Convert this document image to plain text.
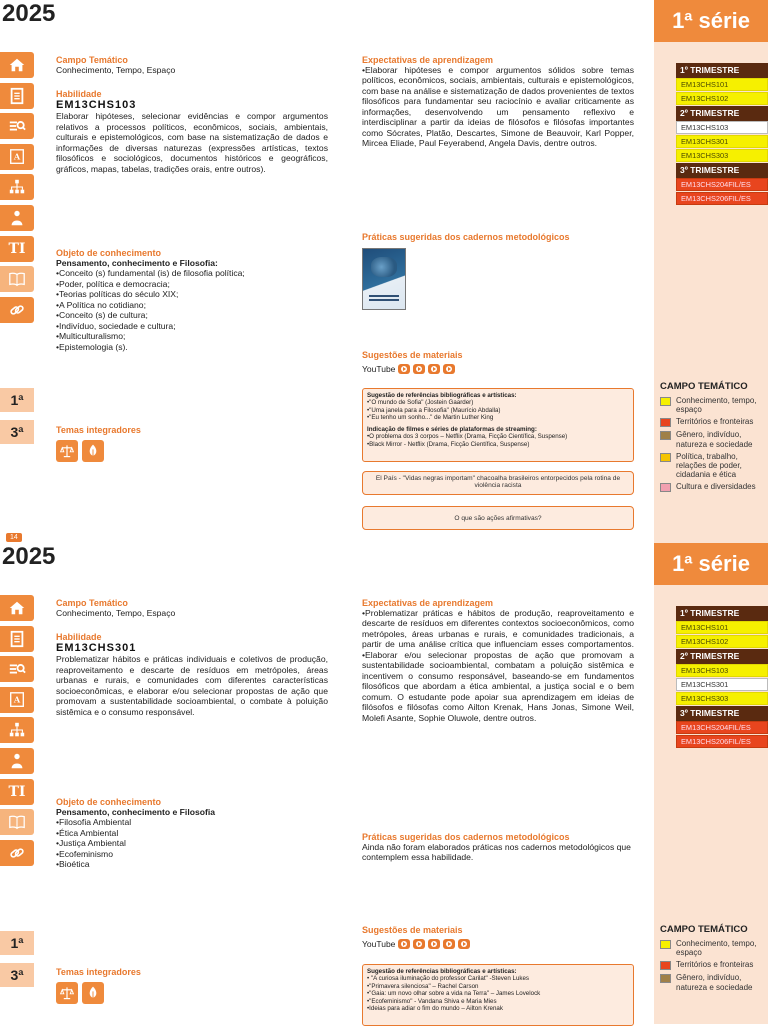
2025	1ª série
A
TI
1ª
3ª
Campo Temático
Conhecimento, Tempo, Espaço
Habilidade
EM13CHS103
Elaborar hipóteses, selecionar evidências e compor argumentos relativos a processos políticos, econômicos, sociais, ambientais, culturais e epistemológicos, com base na sistematização de dados e informações de diversas naturezas (expressões artísticas, textos filosóficos e sociológicos, documentos históricos e geográficos, gráficos, mapas, tabelas, tradições orais, entre outros).
Objeto de conhecimento
Pensamento, conhecimento e Filosofia:
•Conceito (s) fundamental (is) de filosofia política;
•Poder, política e democracia;
•Teorias políticas do século XIX;
•A Política no cotidiano;
•Conceito (s) de cultura;
•Indivíduo, sociedade e cultura;
•Multiculturalismo;
•Epistemologia (s).
Temas integradores
Expectativas de aprendizagem
•Elaborar hipóteses e compor argumentos sólidos sobre temas políticos, econômicos, sociais, ambientais, culturais e epistemológicos, com base na análise e sistematização de dados provenientes de textos filosóficos para fundamentar seu raciocínio e avaliar criticamente as informações, desenvolvendo um pensamento reflexivo e interdisciplinar a partir da ideias de filósofos e filósofas importantes como Sócrates, Platão, Descartes, Simone de Beauvoir, Karl Popper, Mircea Eliade, Paul Feyerabend, Angela Davis, dentre outros.
Práticas sugeridas dos cadernos metodológicos
Sugestões de materiais
YouTube
Sugestão de referências bibliográficas e artísticas:
•"O mundo de Sofia" (Jostein Gaarder)
•"Uma janela para a Filosofia" (Maurício Abdalla)
•"Eu tenho um sonho..." de Martin Luther King
Indicação de filmes e séries de plataformas de streaming:
•O problema dos 3 corpos – Netflix (Drama, Ficção Científica, Suspense)
•Black Mirror - Netflix (Drama, Ficção Científica, Suspense)
El País - "Vidas negras importam" chacoalha brasileiros entorpecidos pela rotina de violência racista
O que são ações afirmativas?
1º TRIMESTRE
EM13CHS101
EM13CHS102
2º TRIMESTRE
EM13CHS103
EM13CHS301
EM13CHS303
3º TRIMESTRE
EM13CHS204FIL/ES
EM13CHS206FIL/ES
CAMPO TEMÁTICO
Conhecimento, tempo, espaço
Territórios e fronteiras
Gênero, indivíduo, natureza e sociedade
Política, trabalho, relações de poder, cidadania e ética
Cultura e diversidades
14
2025	1ª série
A
TI
1ª
3ª
Campo Temático
Conhecimento, Tempo, Espaço
Habilidade
EM13CHS301
Problematizar hábitos e práticas individuais e coletivos de produção, reaproveitamento e descarte de resíduos em metrópoles, áreas urbanas e rurais, e comunidades com diferentes características socioeconômicas, e elaborar e/ou selecionar propostas de ação que promovam a sustentabilidade socioambiental, o combate à poluição sistêmica e o consumo responsável.
Objeto de conhecimento
Pensamento, conhecimento e Filosofia
•Filosofia Ambiental
•Ética Ambiental
•Justiça Ambiental
•Ecofeminismo
•Bioética
Temas integradores
Expectativas de aprendizagem
•Problematizar práticas e hábitos de produção, reaproveitamento e descarte de resíduos em diferentes contextos socioeconômicos, como metrópoles, áreas urbanas e rurais, e comunidades tradicionais, a partir de uma análise crítica que influenciam esses comportamentos. •Elaborar e/ou selecionar propostas de ação que promovam a sustentabilidade socioambiental, combatam a poluição sistêmica e incentivem o consumo responsável, baseando-se em fundamentos filosóficos que abordam a ética ambiental, a justiça social e o bem comum. O estudante pode apoiar sua aprendizagem em ideias de filósofos e filósofas como Ailton Krenak, Hans Jonas, Simone Weil, Molefi Asante, Sophie Oluwole, dentre outros.
Práticas sugeridas dos cadernos metodológicos
Ainda não foram elaborados práticas nos cadernos metodológicos que contemplem essa habilidade.
Sugestões de materiais
YouTube
Sugestão de referências bibliográficas e artísticas:
• "A curiosa iluminação do professor Carilat" -Steven Lukes
•"Primavera silenciosa" – Rachel Carson
•"Gaia: um novo olhar sobre a vida na Terra" – James Lovelock
•"Ecofeminismo" - Vandana Shiva e Maria Mies
•Ideias para adiar o fim do mundo – Ailton Krenak
1º TRIMESTRE
EM13CHS101
EM13CHS102
2º TRIMESTRE
EM13CHS103
EM13CHS301
EM13CHS303
3º TRIMESTRE
EM13CHS204FIL/ES
EM13CHS206FIL/ES
CAMPO TEMÁTICO
Conhecimento, tempo, espaço
Territórios e fronteiras
Gênero, indivíduo, natureza e sociedade
